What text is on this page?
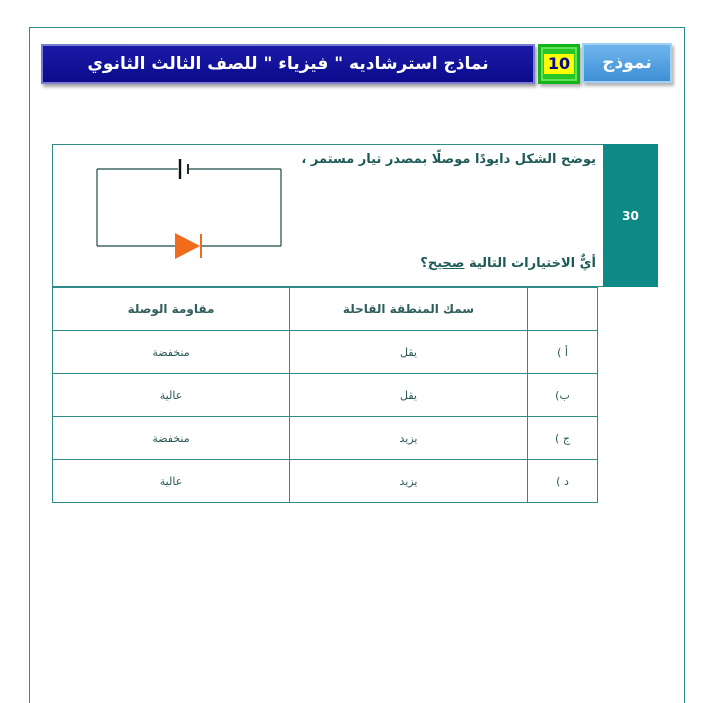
نماذج استرشاديه " فيزياء " للصف الثالث الثانوي	10	نموذج
30
يوضح الشكل دايودًا موصلًا بمصدر تيار مستمر ،
أيٌّ الاختيارات التالية صحيح؟
	سمك المنطقة القاحلة	مقاومة الوصلة
أ )	يقل	منخفضة
ب)	يقل	عالية
ج )	يزيد	منخفضة
د )	يزيد	عالية
